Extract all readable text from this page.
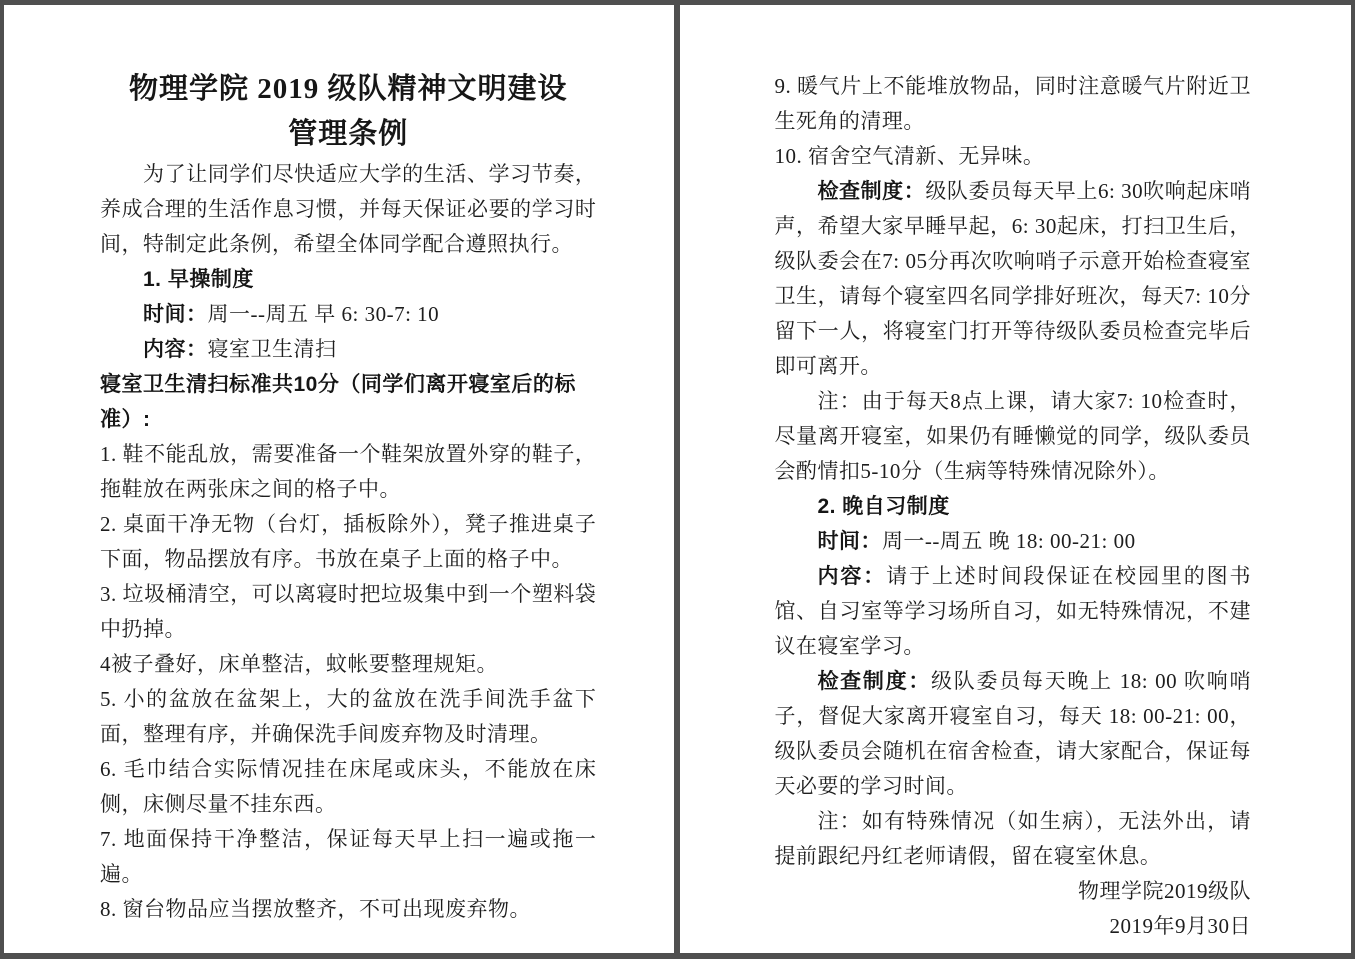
物理学院 2019 级队精神文明建设

管理条例

为了让同学们尽快适应大学的生活、学习节奏，养成合理的生活作息习惯，并每天保证必要的学习时间，特制定此条例，希望全体同学配合遵照执行。

1. 早操制度

时间：周一--周五 早 6: 30-7: 10

内容：寝室卫生清扫

寝室卫生清扫标准共10分（同学们离开寝室后的标准）:

1. 鞋不能乱放，需要准备一个鞋架放置外穿的鞋子，拖鞋放在两张床之间的格子中。

2. 桌面干净无物（台灯，插板除外），凳子推进桌子下面，物品摆放有序。书放在桌子上面的格子中。

3. 垃圾桶清空，可以离寝时把垃圾集中到一个塑料袋中扔掉。

4被子叠好，床单整洁，蚊帐要整理规矩。

5. 小的盆放在盆架上，大的盆放在洗手间洗手盆下面，整理有序，并确保洗手间废弃物及时清理。

6. 毛巾结合实际情况挂在床尾或床头，不能放在床侧，床侧尽量不挂东西。

7. 地面保持干净整洁，保证每天早上扫一遍或拖一遍。

8. 窗台物品应当摆放整齐，不可出现废弃物。

9. 暖气片上不能堆放物品，同时注意暖气片附近卫生死角的清理。

10. 宿舍空气清新、无异味。

检查制度：级队委员每天早上6: 30吹响起床哨声，希望大家早睡早起，6: 30起床，打扫卫生后，级队委会在7: 05分再次吹响哨子示意开始检查寝室卫生，请每个寝室四名同学排好班次，每天7: 10分留下一人，将寝室门打开等待级队委员检查完毕后即可离开。

注：由于每天8点上课，请大家7: 10检查时，尽量离开寝室，如果仍有睡懒觉的同学，级队委员会酌情扣5-10分（生病等特殊情况除外）。

2. 晚自习制度

时间：周一--周五 晚 18: 00-21: 00

内容：请于上述时间段保证在校园里的图书馆、自习室等学习场所自习，如无特殊情况，不建议在寝室学习。

检查制度：级队委员每天晚上 18: 00 吹响哨子，督促大家离开寝室自习，每天 18: 00-21: 00，级队委员会随机在宿舍检查，请大家配合，保证每天必要的学习时间。

注：如有特殊情况（如生病），无法外出，请提前跟纪丹红老师请假，留在寝室休息。

物理学院2019级队

2019年9月30日
